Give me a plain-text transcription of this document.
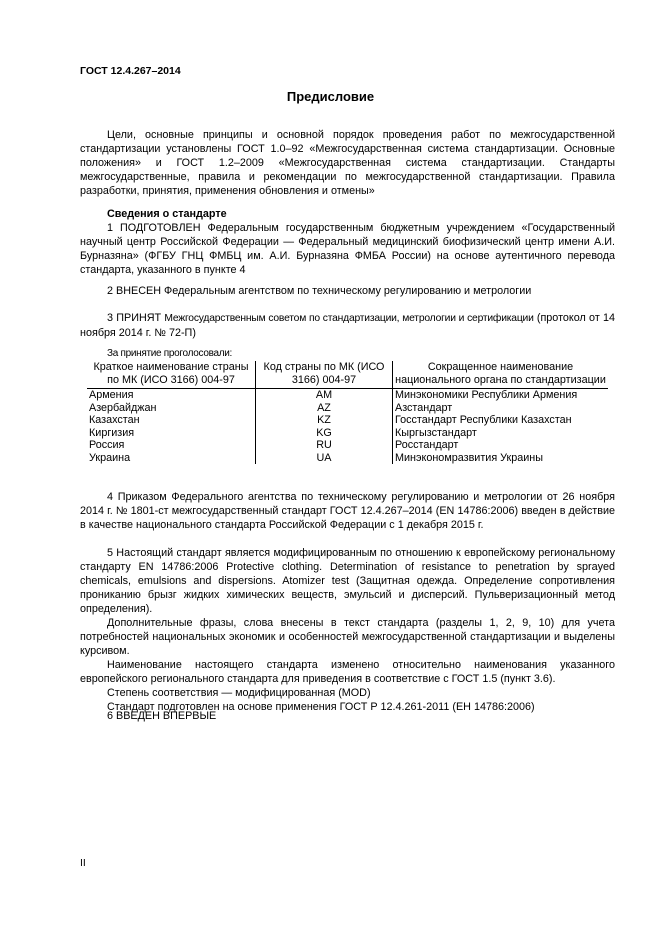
ГОСТ 12.4.267–2014
Предисловие
Цели, основные принципы и основной порядок проведения работ по межгосударственной стандартизации установлены ГОСТ 1.0–92 «Межгосударственная система стандартизации. Основные положения» и ГОСТ 1.2–2009 «Межгосударственная система стандартизации. Стандарты межгосударственные, правила и рекомендации по межгосударственной стандартизации. Правила разработки, принятия, применения обновления и отмены»
Сведения о стандарте
1 ПОДГОТОВЛЕН Федеральным государственным бюджетным учреждением «Государственный научный центр Российской Федерации — Федеральный медицинский биофизический центр имени А.И. Бурназяна» (ФГБУ ГНЦ ФМБЦ им. А.И. Бурназяна ФМБА России) на основе аутентичного перевода стандарта, указанного в пункте 4
2 ВНЕСЕН Федеральным агентством по техническому регулированию и метрологии
3 ПРИНЯТ Межгосударственным советом по стандартизации, метрологии и сертификации (протокол от 14 ноября 2014 г. № 72-П)
За принятие проголосовали:
Краткое наименование страны по МК (ИСО 3166) 004-97	Код страны по МК (ИСО 3166) 004-97	Сокращенное наименование национального органа по стандартизации
Армения	AM	Минэкономики Республики Армения
Азербайджан	AZ	Азстандарт
Казахстан	KZ	Госстандарт Республики Казахстан
Киргизия	KG	Кыргызстандарт
Россия	RU	Росстандарт
Украина	UA	Минэкономразвития Украины
4 Приказом Федерального агентства по техническому регулированию и метрологии от 26 ноября 2014 г. № 1801-ст межгосударственный стандарт ГОСТ 12.4.267–2014 (EN 14786:2006) введен в действие в качестве национального стандарта Российской Федерации с 1 декабря 2015 г.
5 Настоящий стандарт является модифицированным по отношению к европейскому региональному стандарту EN 14786:2006 Protective clothing. Determination of resistance to penetration by sprayed chemicals, emulsions and dispersions. Atomizer test (Защитная одежда. Определение сопротивления прониканию брызг жидких химических веществ, эмульсий и дисперсий. Пульверизационный метод определения).
Дополнительные фразы, слова внесены в текст стандарта (разделы 1, 2, 9, 10) для учета потребностей национальных экономик и особенностей межгосударственной стандартизации и выделены курсивом.
Наименование настоящего стандарта изменено относительно наименования указанного европейского регионального стандарта для приведения в соответствие с ГОСТ 1.5 (пункт 3.6).
Степень соответствия — модифицированная (MOD)
Стандарт подготовлен на основе применения ГОСТ Р 12.4.261-2011 (ЕН 14786:2006)
6 ВВЕДЕН ВПЕРВЫЕ
II
